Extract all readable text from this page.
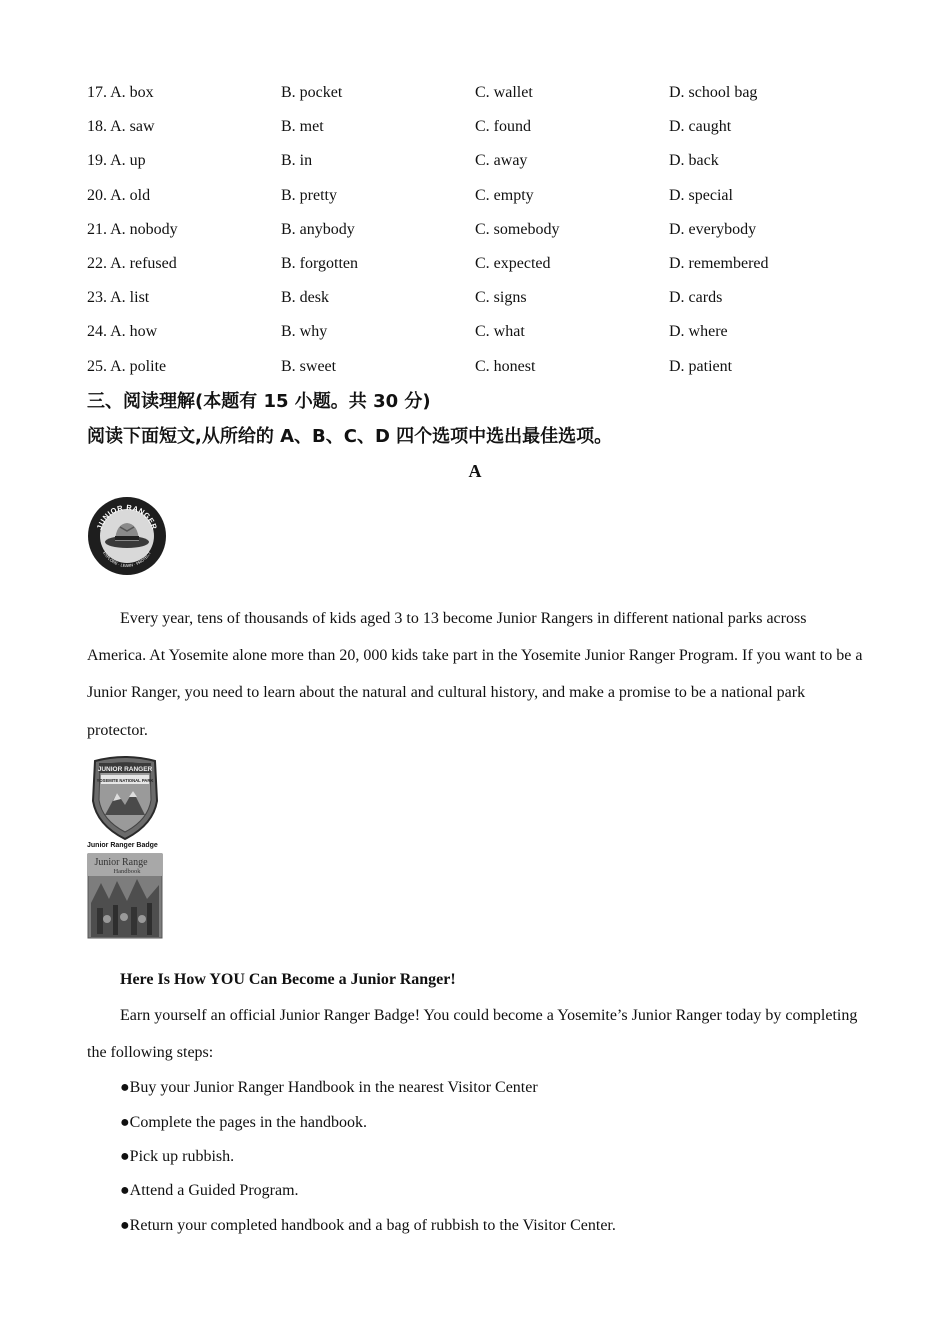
17. A. box	B. pocket	C. wallet	D. school bag
18. A. saw	B. met	C. found	D. caught
19. A. up	B. in	C. away	D. back
20. A. old	B. pretty	C. empty	D. special
21. A. nobody	B. anybody	C. somebody	D. everybody
22. A. refused	B. forgotten	C. expected	D. remembered
23. A. list	B. desk	C. signs	D. cards
24. A. how	B. why	C. what	D. where
25. A. polite	B. sweet	C. honest	D. patient
三、阅读理解(本题有 15 小题。共 30 分)
阅读下面短文,从所给的 A、B、C、D 四个选项中选出最佳选项。
A
JUNIOR RANGER
EXPLORE · LEARN · PROTECT

Every year, tens of thousands of kids aged 3 to 13 become Junior Rangers in different national parks across America. At Yosemite alone more than 20, 000 kids take part in the Yosemite Junior Ranger Program. If you want to be a Junior Ranger, you need to learn about the natural and cultural history, and make a promise to be a national park protector.

JUNIOR RANGER
YOSEMITE NATIONAL PARK
Junior Ranger Badge
Junior Range
Handbook
Here Is How YOU Can Become a Junior Ranger!

Earn yourself an official Junior Ranger Badge! You could become a Yosemite’s Junior Ranger today by completing the following steps:

●Buy your Junior Ranger Handbook in the nearest Visitor Center
●Complete the pages in the handbook.
●Pick up rubbish.
●Attend a Guided Program.
●Return your completed handbook and a bag of rubbish to the Visitor Center.
